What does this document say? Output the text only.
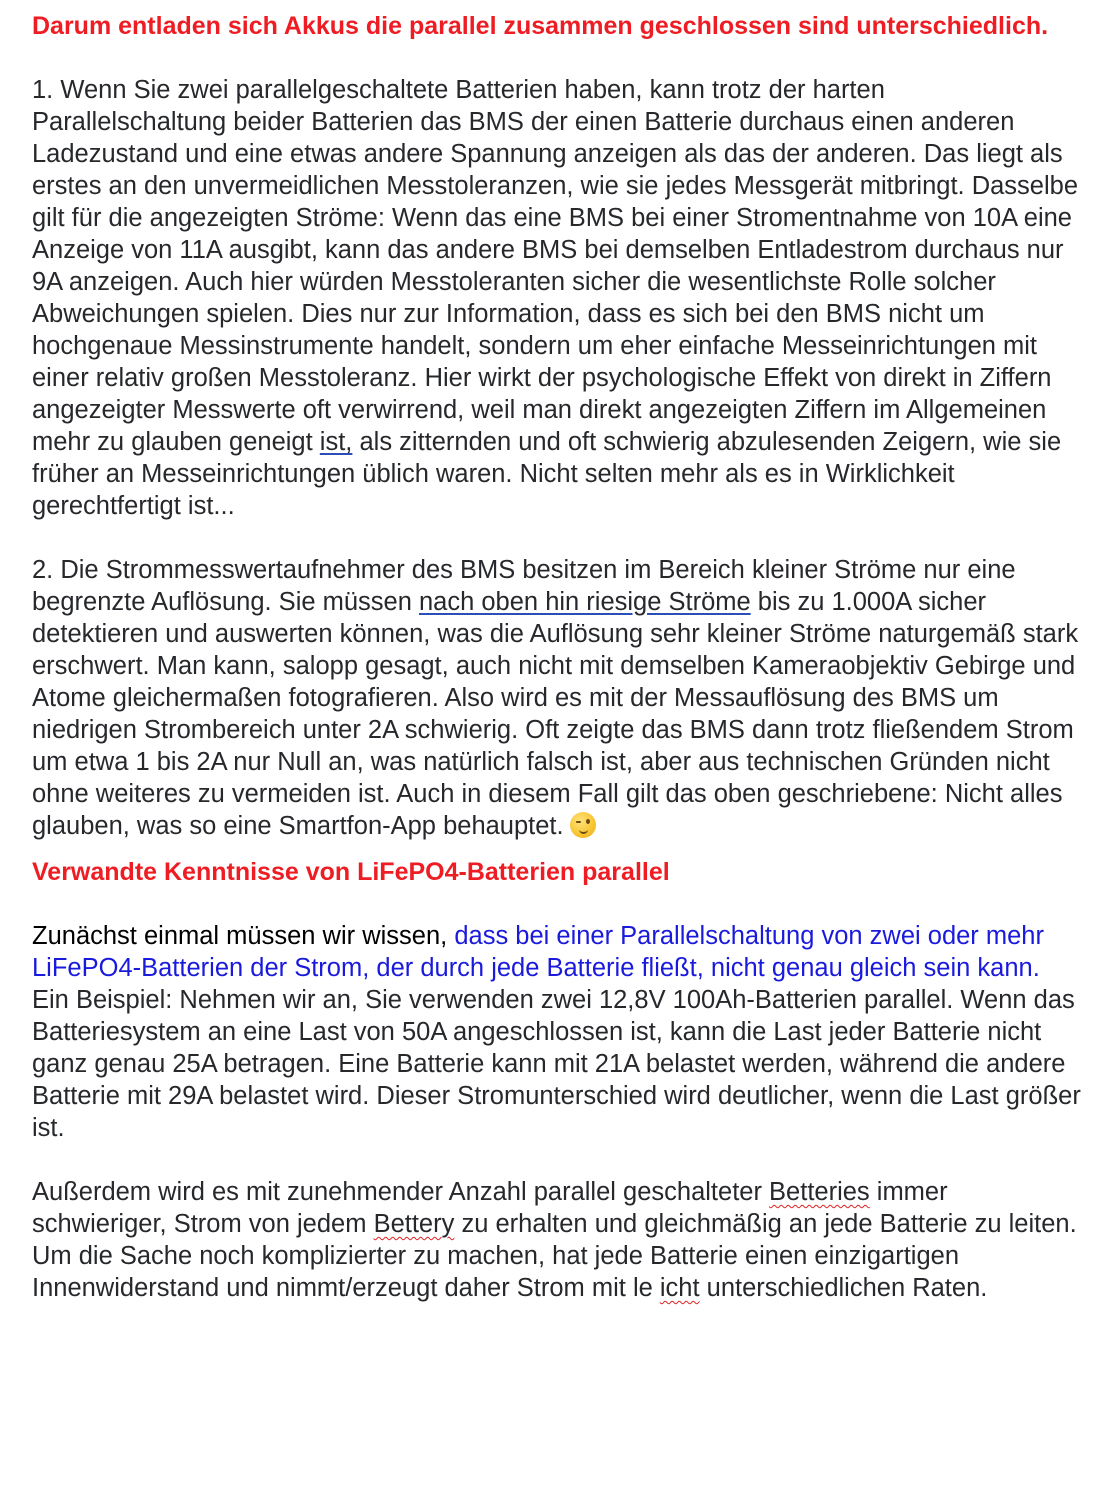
Darum entladen sich Akkus die parallel zusammen geschlossen sind unterschiedlich.

1. Wenn Sie zwei parallelgeschaltete Batterien haben, kann trotz der harten Parallelschaltung beider Batterien das BMS der einen Batterie durchaus einen anderen Ladezustand und eine etwas andere Spannung anzeigen als das der anderen. Das liegt als erstes an den unvermeidlichen Messtoleranzen, wie sie jedes Messgerät mitbringt. Dasselbe gilt für die angezeigten Ströme: Wenn das eine BMS bei einer Stromentnahme von 10A eine Anzeige von 11A ausgibt, kann das andere BMS bei demselben Entladestrom durchaus nur 9A anzeigen. Auch hier würden Messtoleranten sicher die wesentlichste Rolle solcher Abweichungen spielen. Dies nur zur Information, dass es sich bei den BMS nicht um hochgenaue Messinstrumente handelt, sondern um eher einfache Messeinrichtungen mit einer relativ großen Messtoleranz. Hier wirkt der psychologische Effekt von direkt in Ziffern angezeigter Messwerte oft verwirrend, weil man direkt angezeigten Ziffern im Allgemeinen mehr zu glauben geneigt ist, als zitternden und oft schwierig abzulesenden Zeigern, wie sie früher an Messeinrichtungen üblich waren. Nicht selten mehr als es in Wirklichkeit gerechtfertigt ist...

2. Die Strommesswertaufnehmer des BMS besitzen im Bereich kleiner Ströme nur eine begrenzte Auflösung. Sie müssen nach oben hin riesige Ströme bis zu 1.000A sicher detektieren und auswerten können, was die Auflösung sehr kleiner Ströme naturgemäß stark erschwert. Man kann, salopp gesagt, auch nicht mit demselben Kameraobjektiv Gebirge und Atome gleichermaßen fotografieren. Also wird es mit der Messauflösung des BMS um niedrigen Strombereich unter 2A schwierig. Oft zeigte das BMS dann trotz fließendem Strom um etwa 1 bis 2A nur Null an, was natürlich falsch ist, aber aus technischen Gründen nicht ohne weiteres zu vermeiden ist. Auch in diesem Fall gilt das oben geschriebene: Nicht alles glauben, was so eine Smartfon-App behauptet.

Verwandte Kenntnisse von LiFePO4-Batterien parallel

Zunächst einmal müssen wir wissen, dass bei einer Parallelschaltung von zwei oder mehr LiFePO4-Batterien der Strom, der durch jede Batterie fließt, nicht genau gleich sein kann.

Ein Beispiel: Nehmen wir an, Sie verwenden zwei 12,8V 100Ah-Batterien parallel. Wenn das Batteriesystem an eine Last von 50A angeschlossen ist, kann die Last jeder Batterie nicht ganz genau 25A betragen. Eine Batterie kann mit 21A belastet werden, während die andere Batterie mit 29A belastet wird. Dieser Stromunterschied wird deutlicher, wenn die Last größer ist.

Außerdem wird es mit zunehmender Anzahl parallel geschalteter Betteries immer schwieriger, Strom von jedem Bettery zu erhalten und gleichmäßig an jede Batterie zu leiten. Um die Sache noch komplizierter zu machen, hat jede Batterie einen einzigartigen Innenwiderstand und nimmt/erzeugt daher Strom mit le icht unterschiedlichen Raten.
